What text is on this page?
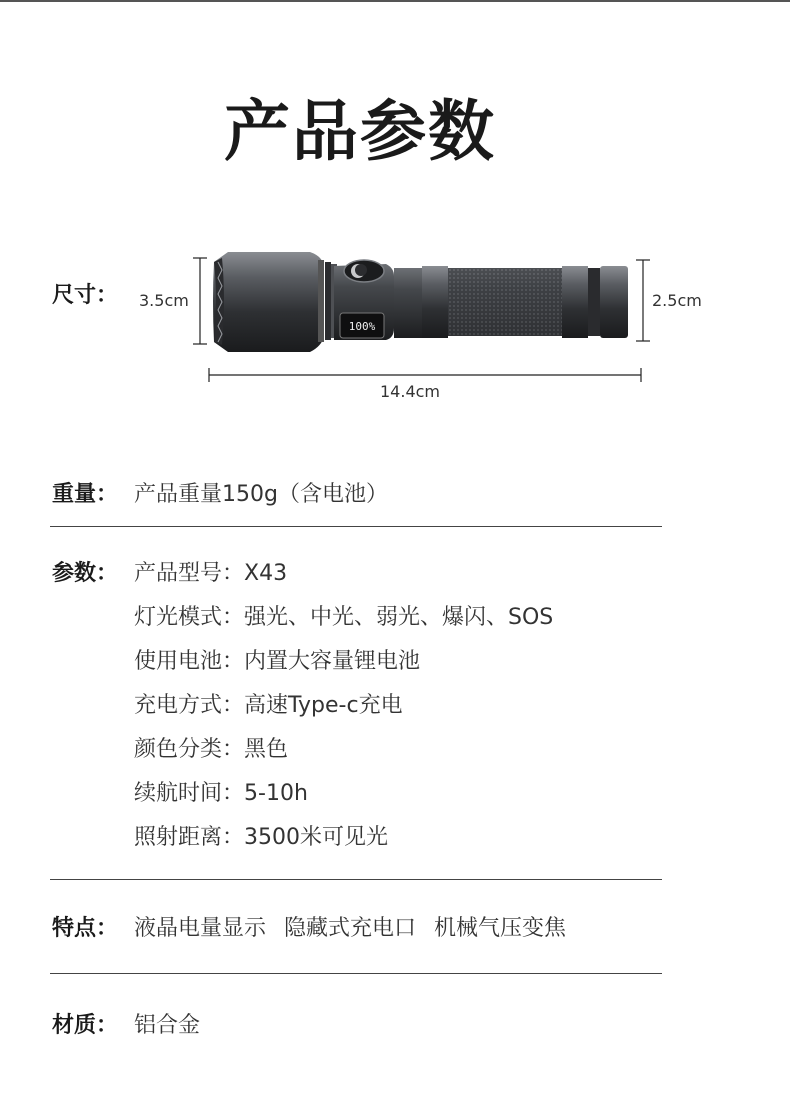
产品参数
尺寸： 3.5cm	2.5cm
14.4cm
100%
重量： 产品重量150g（含电池）
参数： 产品型号：X43
灯光模式：强光、中光、弱光、爆闪、SOS
使用电池：内置大容量锂电池
充电方式：高速Type-c充电
颜色分类：黑色
续航时间：5-10h
照射距离：3500米可见光
特点： 液晶电量显示 隐藏式充电口 机械气压变焦
材质： 铝合金
